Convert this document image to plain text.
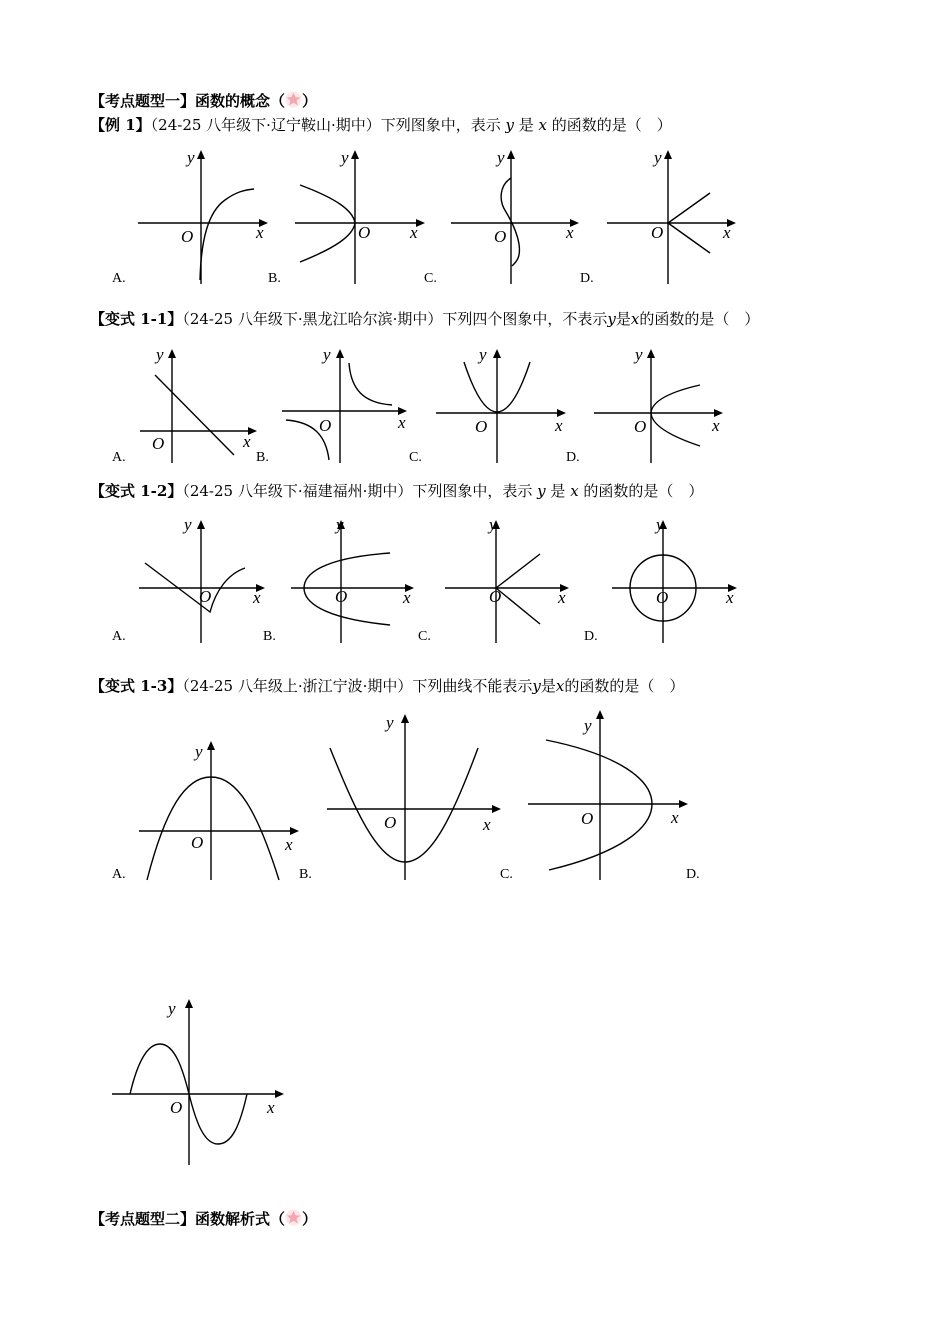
【考点题型一】函数的概念（ ）
【例 1】（24-25 八年级下·辽宁鞍山·期中）下列图象中，表示 y 是 x 的函数的是（　）
y
x
O
A.
y
x
O
B.
y
x
O
C.
y
x
O
D.
【变式 1-1】（24-25 八年级下·黑龙江哈尔滨·期中）下列四个图象中，不表示y是x的函数的是（　）
y
x
O
A.
y
x
O
B.
y
x
O
C.
y
x
O
D.
【变式 1-2】（24-25 八年级下·福建福州·期中）下列图象中，表示 y 是 x 的函数的是（　）
y
x
O
A.
y
x
O
B.
y
x
O
C.
y
x
O
D.
【变式 1-3】（24-25 八年级上·浙江宁波·期中）下列曲线不能表示y是x的函数的是（　）
y
x
O
A.
y
x
O
B.
y
x
O
C.	D.
y
x
O
【考点题型二】函数解析式（ ）
